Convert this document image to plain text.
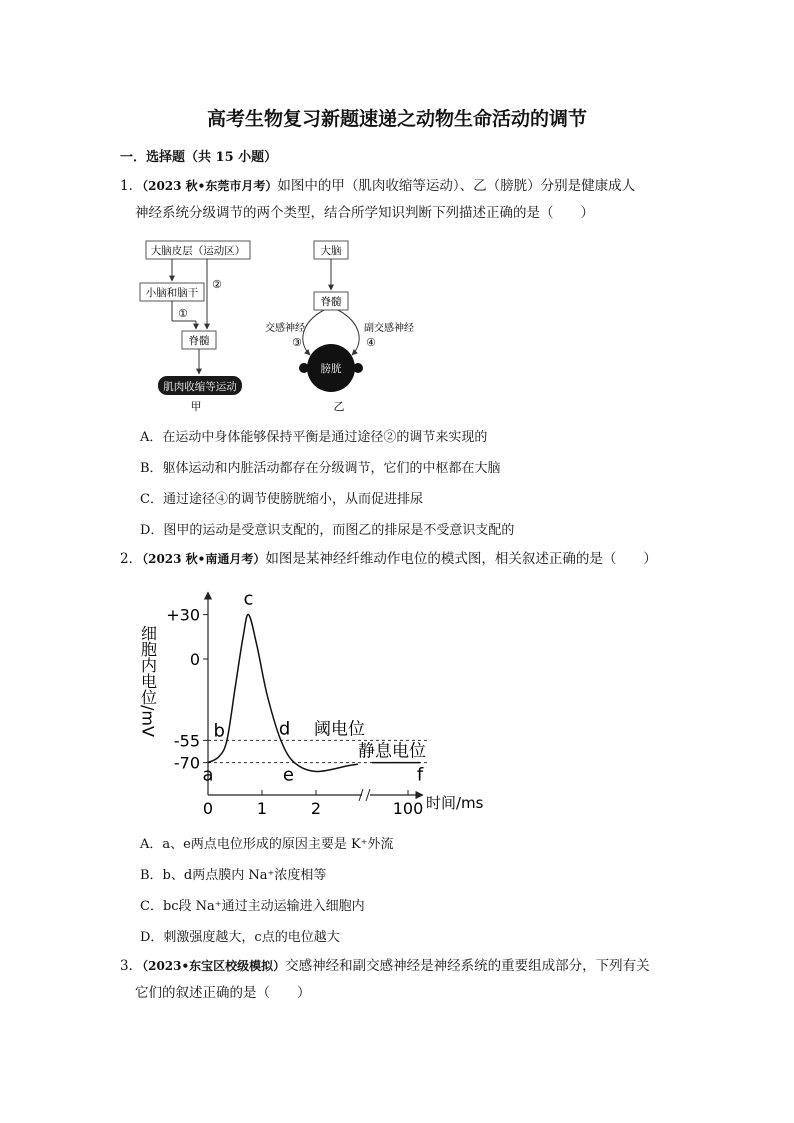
高考生物复习新题速递之动物生命活动的调节
一．选择题（共 15 小题）
1．（2023 秋•东莞市月考）如图中的甲（肌肉收缩等运动）、乙（膀胱）分别是健康成人
神经系统分级调节的两个类型，结合所学知识判断下列描述正确的是（　　）
大脑皮层（运动区）
小脑和脑干
脊髓
肌肉收缩等运动
①
②
甲
大脑
脊髓
膀胱
交感神经
③
副交感神经
④
乙
A．在运动中身体能够保持平衡是通过途径②的调节来实现的
B．躯体运动和内脏活动都存在分级调节，它们的中枢都在大脑
C．通过途径④的调节使膀胱缩小，从而促进排尿
D．图甲的运动是受意识支配的，而图乙的排尿是不受意识支配的
2．（2023 秋•南通月考）如图是某神经纤维动作电位的模式图，相关叙述正确的是（　　）
细胞内电位/mV
时间/ms
+30
0
-55
-70
0	1	2	100
阈电位
静息电位
a
b
c
d
e	f
A．a、e两点电位形成的原因主要是 K⁺外流
B．b、d两点膜内 Na⁺浓度相等
C．bc段 Na⁺通过主动运输进入细胞内
D．刺激强度越大，c点的电位越大
3．（2023•东宝区校级模拟）交感神经和副交感神经是神经系统的重要组成部分，下列有关
它们的叙述正确的是（　　）
